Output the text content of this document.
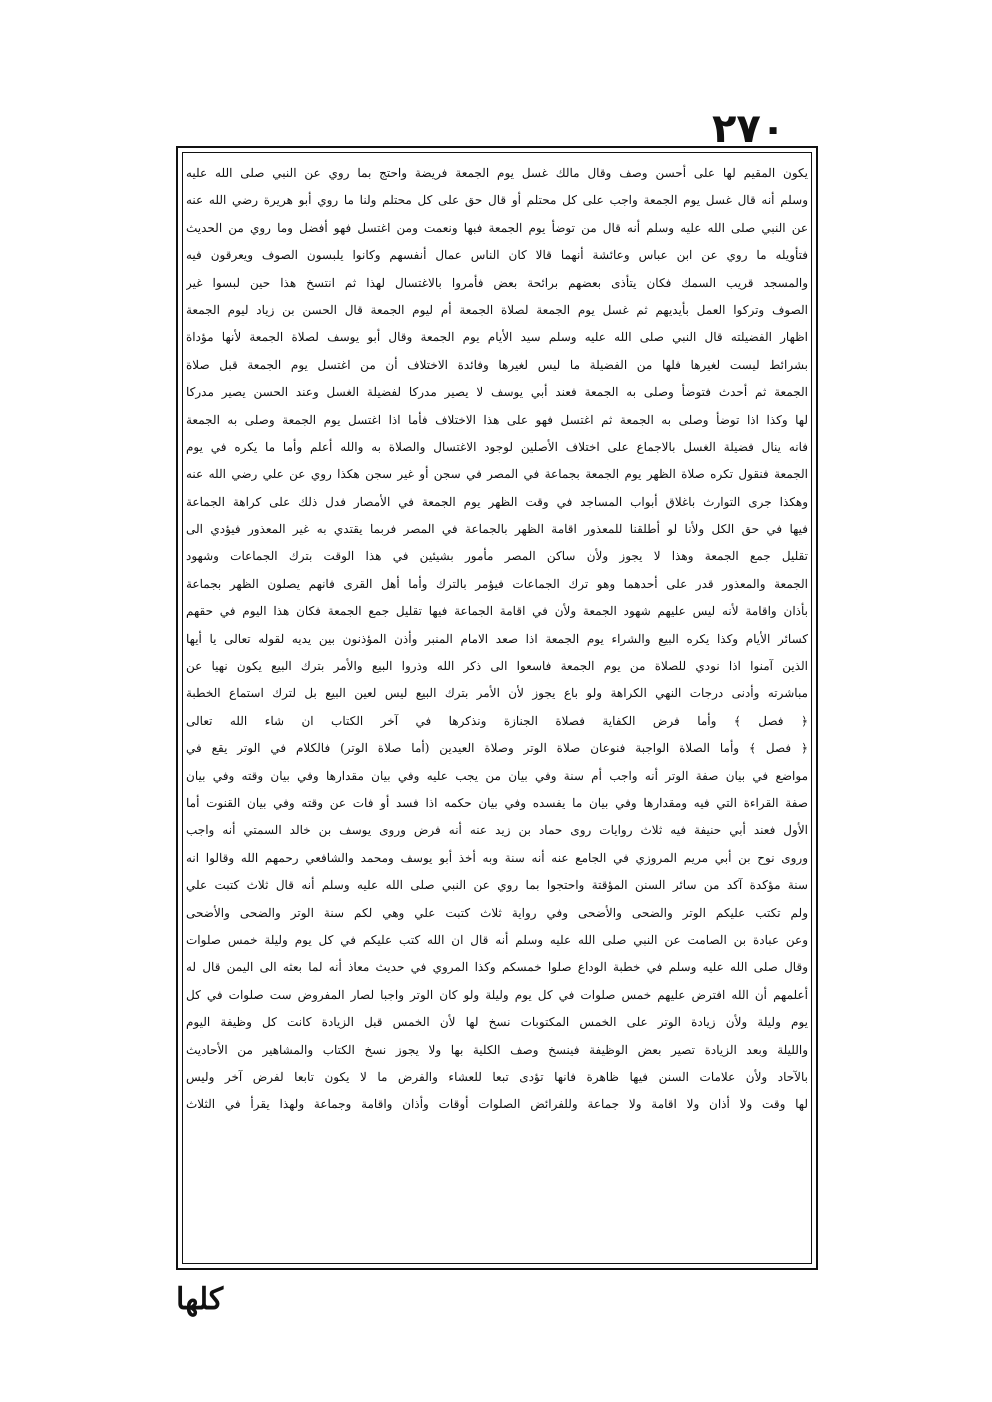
٢٧٠
يكون المقيم لها على أحسن وصف وقال مالك غسل يوم الجمعة فريضة واحتج بما روي عن النبي صلى الله عليه
وسلم أنه قال غسل يوم الجمعة واجب على كل محتلم أو قال حق على كل محتلم ولنا ما روي أبو هريرة رضي الله عنه
عن النبي صلى الله عليه وسلم أنه قال من توضأ يوم الجمعة فبها ونعمت ومن اغتسل فهو أفضل وما روي من الحديث
فتأويله ما روي عن ابن عباس وعائشة أنهما قالا كان الناس عمال أنفسهم وكانوا يلبسون الصوف ويعرقون فيه
والمسجد قريب السمك فكان يتأذى بعضهم برائحة بعض فأمروا بالاغتسال لهذا ثم انتسخ هذا حين لبسوا غير
الصوف وتركوا العمل بأيديهم ثم غسل يوم الجمعة لصلاة الجمعة أم ليوم الجمعة قال الحسن بن زياد ليوم الجمعة
اظهار الفضيلته قال النبي صلى الله عليه وسلم سيد الأيام يوم الجمعة وقال أبو يوسف لصلاة الجمعة لأنها مؤداة
بشرائط ليست لغيرها فلها من الفضيلة ما ليس لغيرها وفائدة الاختلاف أن من اغتسل يوم الجمعة قبل صلاة
الجمعة ثم أحدث فتوضأ وصلى به الجمعة فعند أبي يوسف لا يصير مدركا لفضيلة الغسل وعند الحسن يصير مدركا
لها وكذا اذا توضأ وصلى به الجمعة ثم اغتسل فهو على هذا الاختلاف فأما اذا اغتسل يوم الجمعة وصلى به الجمعة
فانه ينال فضيلة الغسل بالاجماع على اختلاف الأصلين لوجود الاغتسال والصلاة به والله أعلم وأما ما يكره في يوم
الجمعة فنقول تكره صلاة الظهر يوم الجمعة بجماعة في المصر في سجن أو غير سجن هكذا روي عن علي رضي الله عنه
وهكذا جرى التوارث باغلاق أبواب المساجد في وقت الظهر يوم الجمعة في الأمصار فدل ذلك على كراهة الجماعة
فيها في حق الكل ولأنا لو أطلقنا للمعذور اقامة الظهر بالجماعة في المصر فربما يقتدي به غير المعذور فيؤدي الى
تقليل جمع الجمعة وهذا لا يجوز ولأن ساكن المصر مأمور بشيئين في هذا الوقت بترك الجماعات وشهود
الجمعة والمعذور قدر على أحدهما وهو ترك الجماعات فيؤمر بالترك وأما أهل القرى فانهم يصلون الظهر بجماعة
بأذان واقامة لأنه ليس عليهم شهود الجمعة ولأن في اقامة الجماعة فيها تقليل جمع الجمعة فكان هذا اليوم في حقهم
كسائر الأيام وكذا يكره البيع والشراء يوم الجمعة اذا صعد الامام المنبر وأذن المؤذنون بين يديه لقوله تعالى يا أيها
الذين آمنوا اذا نودي للصلاة من يوم الجمعة فاسعوا الى ذكر الله وذروا البيع والأمر بترك البيع يكون نهيا عن
مباشرته وأدنى درجات النهي الكراهة ولو باع يجوز لأن الأمر بترك البيع ليس لعين البيع بل لترك استماع الخطبة
﴿ فصل ﴾ وأما فرض الكفاية فصلاة الجنازة ونذكرها في آخر الكتاب ان شاء الله تعالى
﴿ فصل ﴾ وأما الصلاة الواجبة فنوعان صلاة الوتر وصلاة العيدين (أما صلاة الوتر) فالكلام في الوتر يقع في
مواضع في بيان صفة الوتر أنه واجب أم سنة وفي بيان من يجب عليه وفي بيان مقدارها وفي بيان وقته وفي بيان
صفة القراءة التي فيه ومقدارها وفي بيان ما يفسده وفي بيان حكمه اذا فسد أو فات عن وقته وفي بيان القنوت أما
الأول فعند أبي حنيفة فيه ثلاث روايات روى حماد بن زيد عنه أنه فرض وروى يوسف بن خالد السمتي أنه واجب
وروى نوح بن أبي مريم المروزي في الجامع عنه أنه سنة وبه أخذ أبو يوسف ومحمد والشافعي رحمهم الله وقالوا انه
سنة مؤكدة آكد من سائر السنن المؤقتة واحتجوا بما روي عن النبي صلى الله عليه وسلم أنه قال ثلاث كتبت علي
ولم تكتب عليكم الوتر والضحى والأضحى وفي رواية ثلاث كتبت علي وهي لكم سنة الوتر والضحى والأضحى
وعن عبادة بن الصامت عن النبي صلى الله عليه وسلم أنه قال ان الله كتب عليكم في كل يوم وليلة خمس صلوات
وقال صلى الله عليه وسلم في خطبة الوداع صلوا خمسكم وكذا المروي في حديث معاذ أنه لما بعثه الى اليمن قال له
أعلمهم أن الله افترض عليهم خمس صلوات في كل يوم وليلة ولو كان الوتر واجبا لصار المفروض ست صلوات في كل
يوم وليلة ولأن زيادة الوتر على الخمس المكتوبات نسخ لها لأن الخمس قبل الزيادة كانت كل وظيفة اليوم
والليلة وبعد الزيادة تصير بعض الوظيفة فينسخ وصف الكلية بها ولا يجوز نسخ الكتاب والمشاهير من الأحاديث
بالآحاد ولأن علامات السنن فيها ظاهرة فانها تؤدى تبعا للعشاء والفرض ما لا يكون تابعا لفرض آخر وليس
لها وقت ولا أذان ولا اقامة ولا جماعة وللفرائض الصلوات أوقات وأذان واقامة وجماعة ولهذا يقرأ في الثلاث
كلها
